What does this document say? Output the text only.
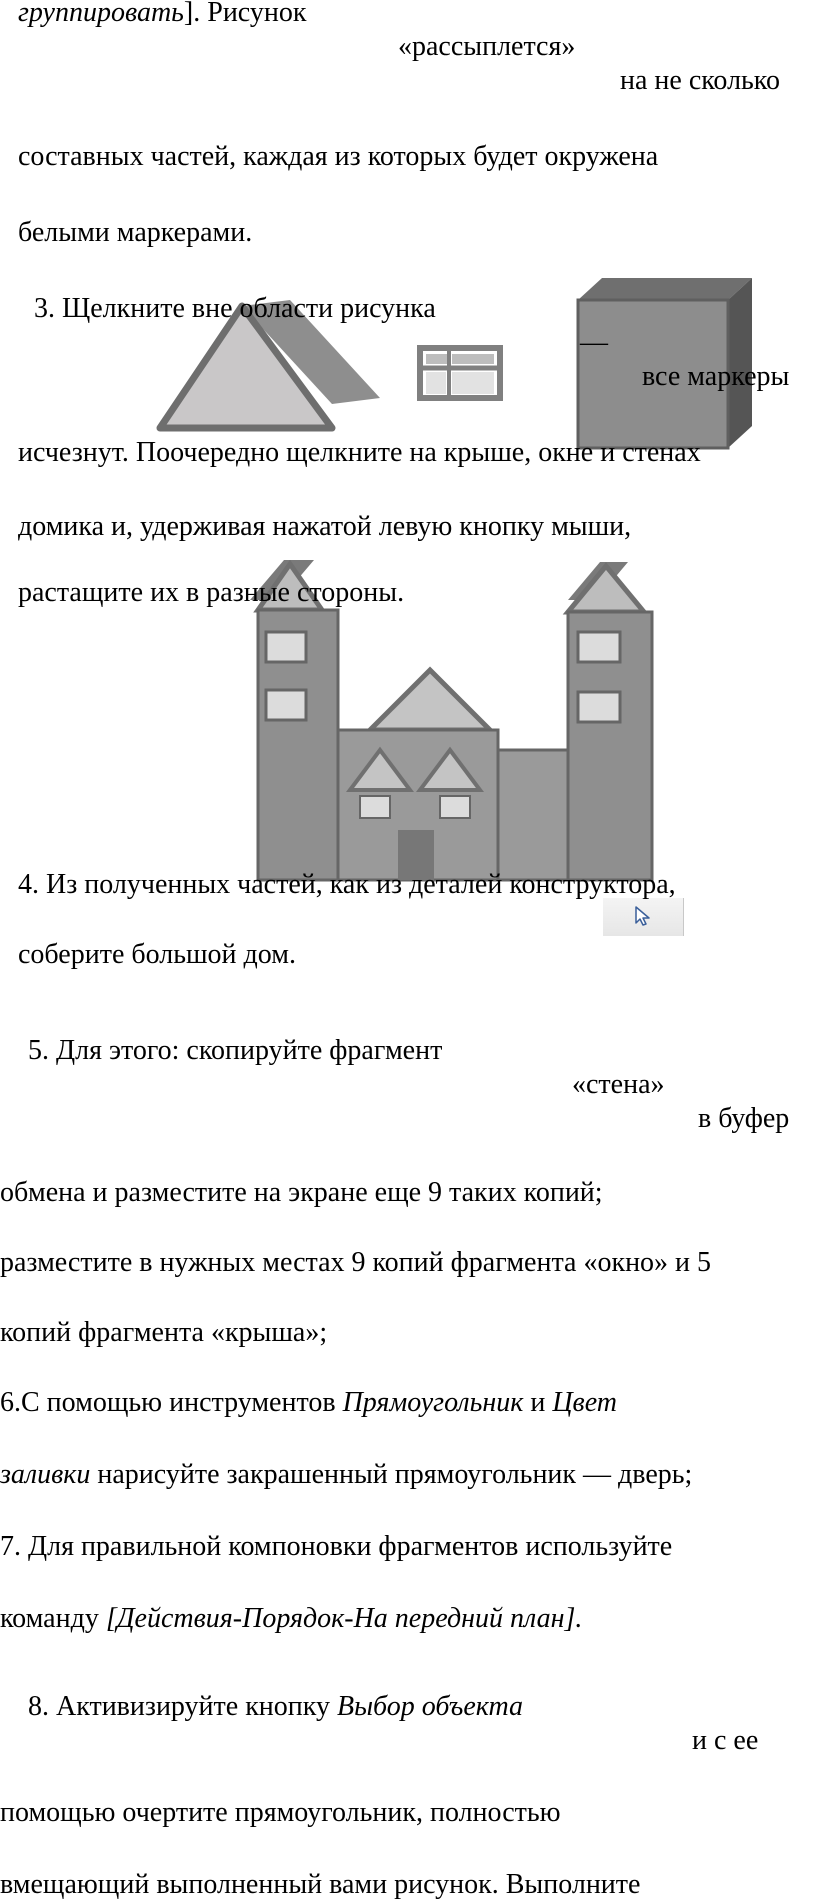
группировать]. Рисунок
«рассыплется»
на не сколько
составных частей, каждая из которых будет окружена
белыми маркерами.
3. Щелкните вне области рисунка
—
все маркеры
исчезнут. Поочередно щелкните на крыше, окне и стенах
домика и, удерживая нажатой левую кнопку мыши,
растащите их в разные стороны.
4. Из полученных частей, как из деталей конструктора,
соберите большой дом.
5. Для этого: скопируйте фрагмент
«стена»
в буфер
обмена и разместите на экране еще 9 таких копий;
разместите в нужных местах 9 копий фрагмента «окно» и 5
копий фрагмента «крыша»;
6.С помощью инструментов Прямоугольник и Цвет
заливки нарисуйте закрашенный прямоугольник — дверь;
7. Для правильной компоновки фрагментов используйте
команду [Действия-Порядок-На передний план].
8. Активизируйте кнопку Выбор объекта
и с ее
помощью очертите прямоугольник, полностью
вмещающий выполненный вами рисунок. Выполните
